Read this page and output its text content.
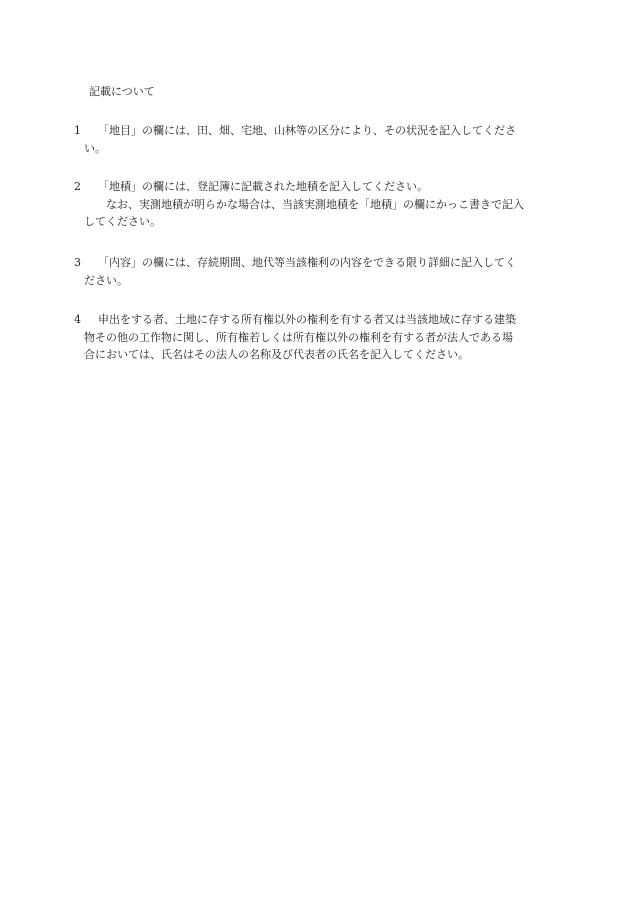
記載について

1 「地目」の欄には、田、畑、宅地、山林等の区分により、その状況を記入してくださ

い。

2 「地積」の欄には、登記簿に記載された地積を記入してください。

なお、実測地積が明らかな場合は、当該実測地積を「地積」の欄にかっこ書きで記入

してください。

3 「内容」の欄には、存続期間、地代等当該権利の内容をできる限り詳細に記入してく

ださい。

4 申出をする者、土地に存する所有権以外の権利を有する者又は当該地域に存する建築

物その他の工作物に関し、所有権若しくは所有権以外の権利を有する者が法人である場

合においては、氏名はその法人の名称及び代表者の氏名を記入してください。
